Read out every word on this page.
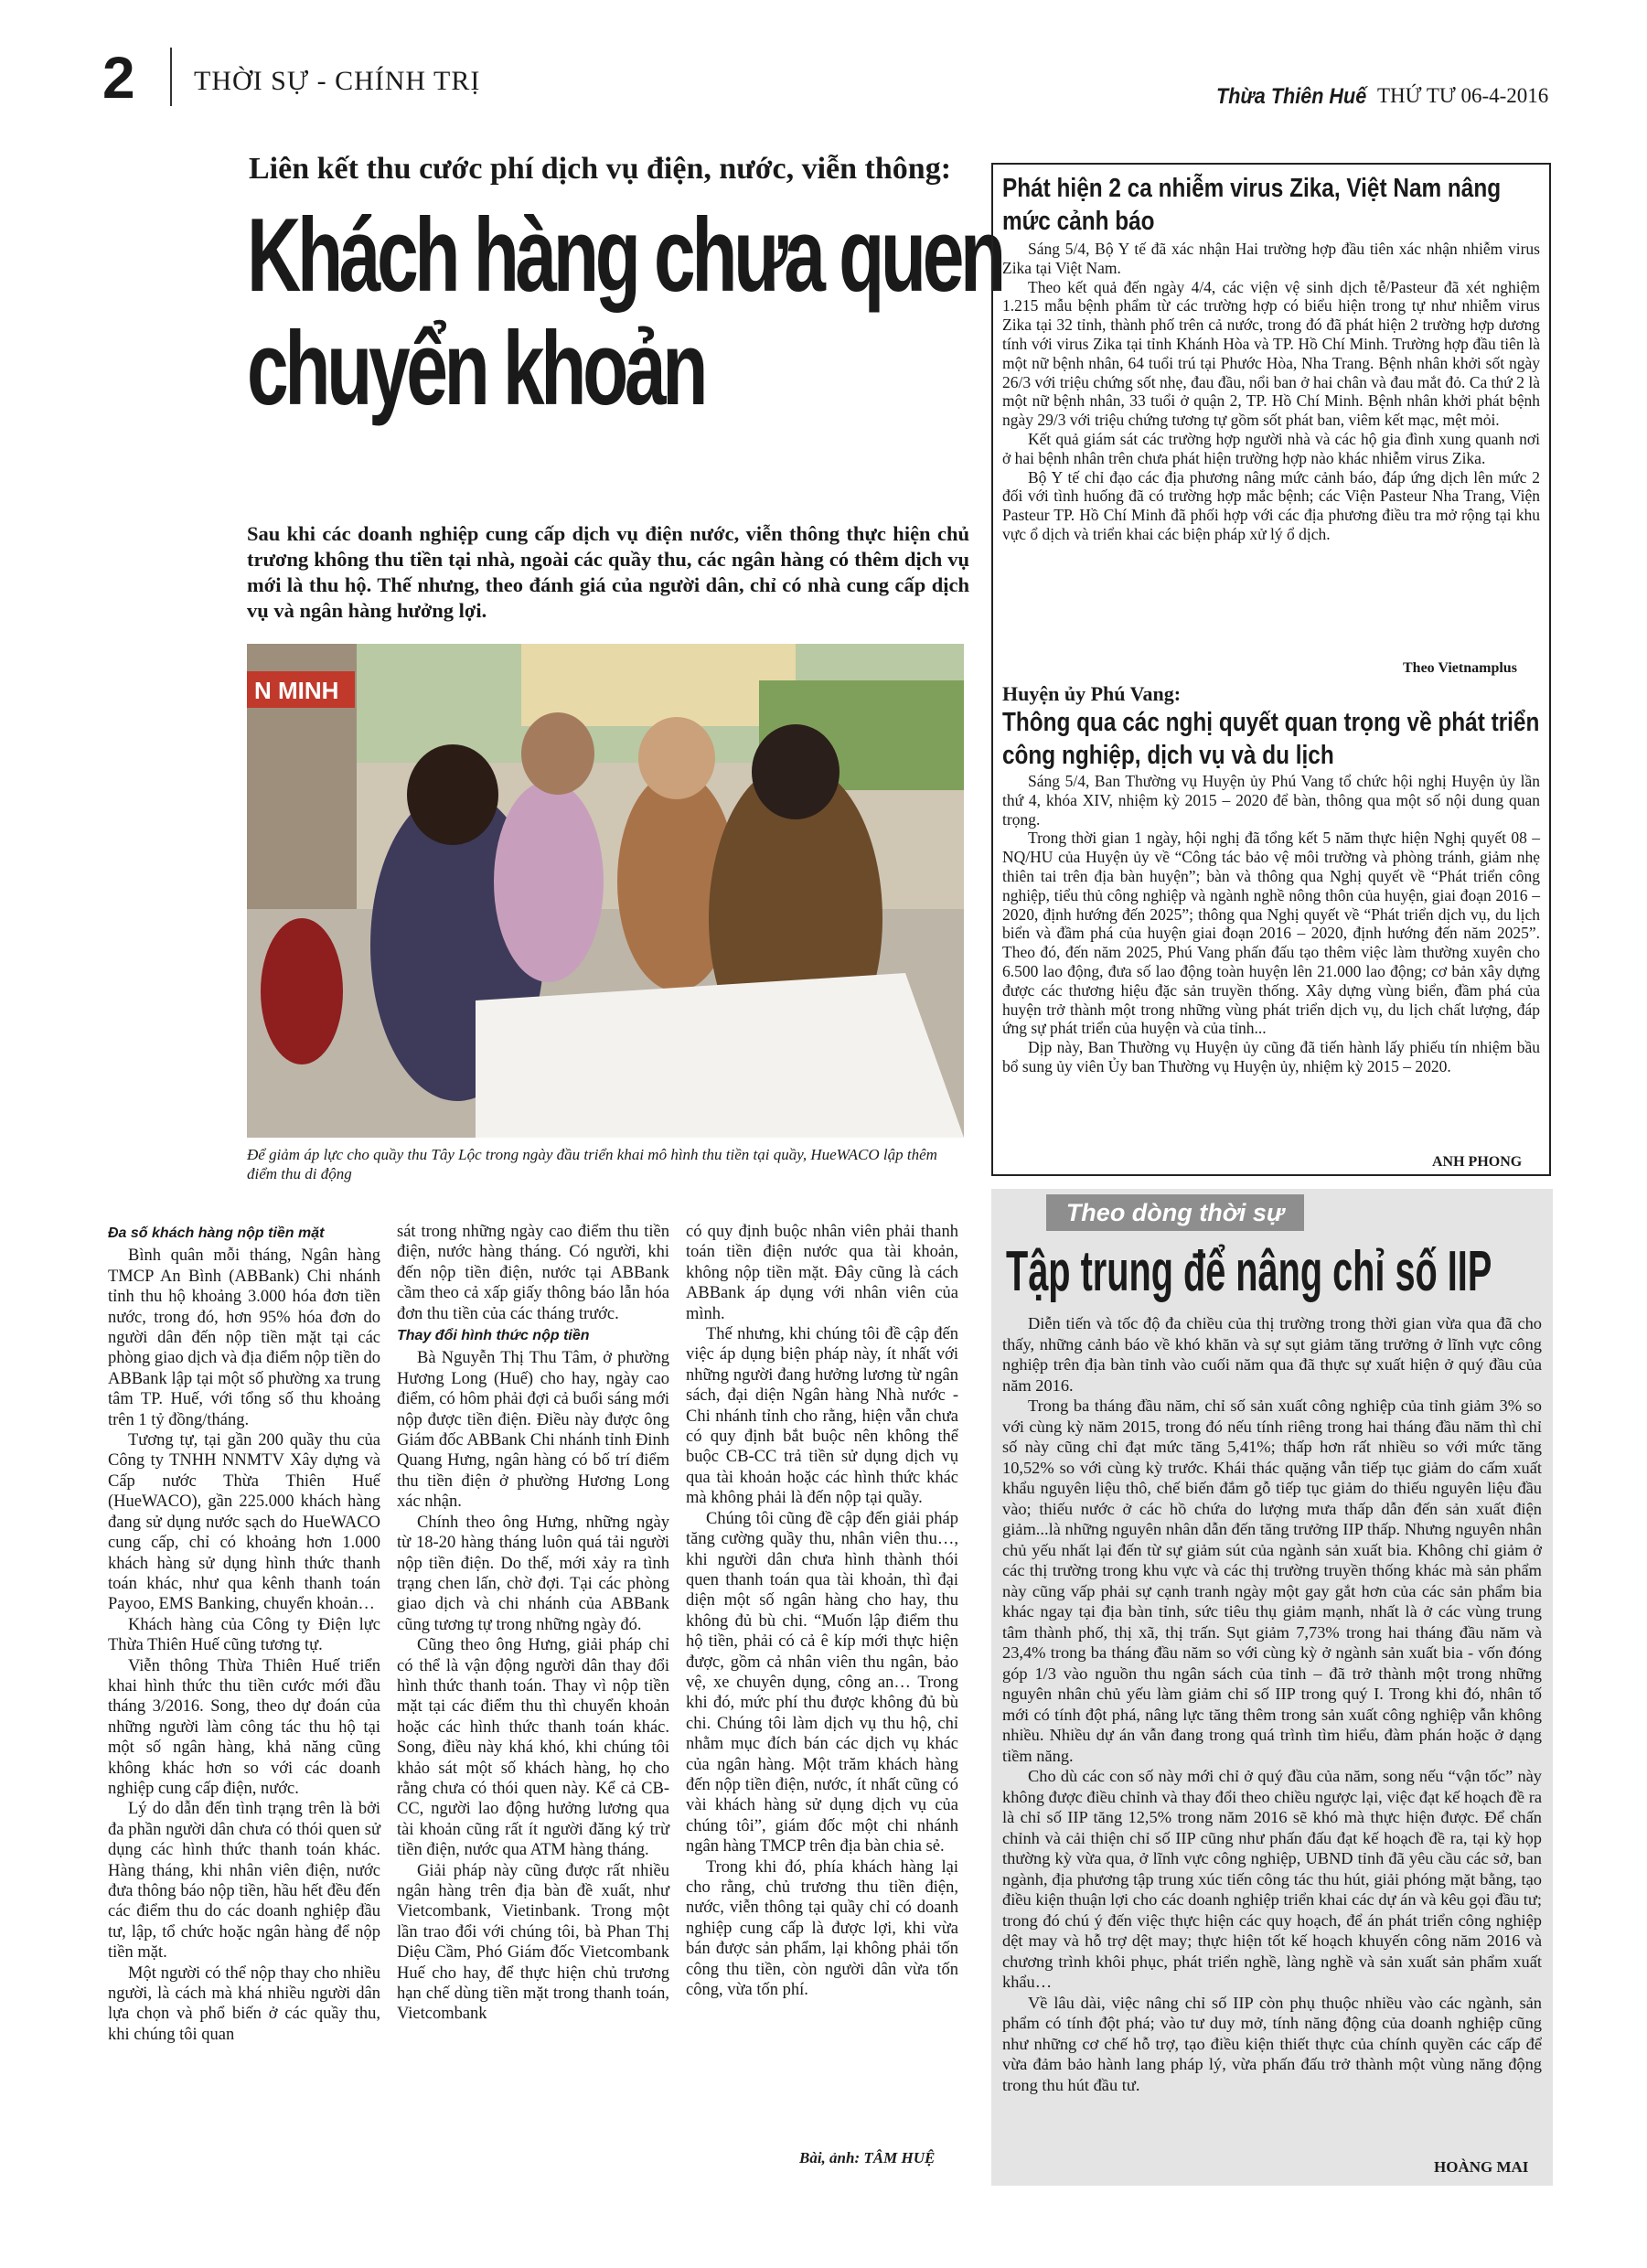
2 THỜI SỰ - CHÍNH TRỊ
Thừa Thiên Huế THỨ TƯ 06-4-2016
Liên kết thu cước phí dịch vụ điện, nước, viễn thông:
Khách hàng chưa quen
chuyển khoản
Sau khi các doanh nghiệp cung cấp dịch vụ điện nước, viễn thông thực hiện chủ trương không thu tiền tại nhà, ngoài các quầy thu, các ngân hàng có thêm dịch vụ mới là thu hộ. Thế nhưng, theo đánh giá của người dân, chỉ có nhà cung cấp dịch vụ và ngân hàng hưởng lợi.
N MINH
Để giảm áp lực cho quầy thu Tây Lộc trong ngày đầu triển khai mô hình thu tiền tại quầy, HueWACO lập thêm điểm thu di động
Đa số khách hàng nộp tiền mặt

Bình quân mỗi tháng, Ngân hàng TMCP An Bình (ABBank) Chi nhánh tỉnh thu hộ khoảng 3.000 hóa đơn tiền nước, trong đó, hơn 95% hóa đơn do người dân đến nộp tiền mặt tại các phòng giao dịch và địa điểm nộp tiền do ABBank lập tại một số phường xa trung tâm TP. Huế, với tổng số thu khoảng trên 1 tỷ đồng/tháng.

Tương tự, tại gần 200 quầy thu của Công ty TNHH NNMTV Xây dựng và Cấp nước Thừa Thiên Huế (HueWACO), gần 225.000 khách hàng đang sử dụng nước sạch do HueWACO cung cấp, chỉ có khoảng hơn 1.000 khách hàng sử dụng hình thức thanh toán khác, như qua kênh thanh toán Payoo, EMS Banking, chuyển khoản…

Khách hàng của Công ty Điện lực Thừa Thiên Huế cũng tương tự.

Viễn thông Thừa Thiên Huế triển khai hình thức thu tiền cước mới đầu tháng 3/2016. Song, theo dự đoán của những người làm công tác thu hộ tại một số ngân hàng, khả năng cũng không khác hơn so với các doanh nghiệp cung cấp điện, nước.

Lý do dẫn đến tình trạng trên là bởi đa phần người dân chưa có thói quen sử dụng các hình thức thanh toán khác. Hàng tháng, khi nhân viên điện, nước đưa thông báo nộp tiền, hầu hết đều đến các điểm thu do các doanh nghiệp đầu tư, lập, tổ chức hoặc ngân hàng để nộp tiền mặt.

Một người có thể nộp thay cho nhiều người, là cách mà khá nhiều người dân lựa chọn và phổ biến ở các quầy thu, khi chúng tôi quan

sát trong những ngày cao điểm thu tiền điện, nước hàng tháng. Có người, khi đến nộp tiền điện, nước tại ABBank cầm theo cả xấp giấy thông báo lẫn hóa đơn thu tiền của các tháng trước.

Thay đổi hình thức nộp tiền

Bà Nguyễn Thị Thu Tâm, ở phường Hương Long (Huế) cho hay, ngày cao điểm, có hôm phải đợi cả buổi sáng mới nộp được tiền điện. Điều này được ông Giám đốc ABBank Chi nhánh tỉnh Đinh Quang Hưng, ngân hàng có bố trí điểm thu tiền điện ở phường Hương Long xác nhận.

Chính theo ông Hưng, những ngày từ 18-20 hàng tháng luôn quá tải người nộp tiền điện. Do thế, mới xảy ra tình trạng chen lấn, chờ đợi. Tại các phòng giao dịch và chi nhánh của ABBank cũng tương tự trong những ngày đó.

Cũng theo ông Hưng, giải pháp chỉ có thể là vận động người dân thay đổi hình thức thanh toán. Thay vì nộp tiền mặt tại các điểm thu thì chuyển khoản hoặc các hình thức thanh toán khác. Song, điều này khá khó, khi chúng tôi khảo sát một số khách hàng, họ cho rằng chưa có thói quen này. Kể cả CB-CC, người lao động hưởng lương qua tài khoản cũng rất ít người đăng ký trừ tiền điện, nước qua ATM hàng tháng.

Giải pháp này cũng được rất nhiều ngân hàng trên địa bàn đề xuất, như Vietcombank, Vietinbank. Trong một lần trao đổi với chúng tôi, bà Phan Thị Diệu Cầm, Phó Giám đốc Vietcombank Huế cho hay, để thực hiện chủ trương hạn chế dùng tiền mặt trong thanh toán, Vietcombank

có quy định buộc nhân viên phải thanh toán tiền điện nước qua tài khoản, không nộp tiền mặt. Đây cũng là cách ABBank áp dụng với nhân viên của mình.

Thế nhưng, khi chúng tôi đề cập đến việc áp dụng biện pháp này, ít nhất với những người đang hưởng lương từ ngân sách, đại diện Ngân hàng Nhà nước - Chi nhánh tỉnh cho rằng, hiện vẫn chưa có quy định bắt buộc nên không thể buộc CB-CC trả tiền sử dụng dịch vụ qua tài khoản hoặc các hình thức khác mà không phải là đến nộp tại quầy.

Chúng tôi cũng đề cập đến giải pháp tăng cường quầy thu, nhân viên thu…, khi người dân chưa hình thành thói quen thanh toán qua tài khoản, thì đại diện một số ngân hàng cho hay, thu không đủ bù chi. “Muốn lập điểm thu hộ tiền, phải có cả ê kíp mới thực hiện được, gồm cả nhân viên thu ngân, bảo vệ, xe chuyên dụng, công an… Trong khi đó, mức phí thu được không đủ bù chi. Chúng tôi làm dịch vụ thu hộ, chỉ nhằm mục đích bán các dịch vụ khác của ngân hàng. Một trăm khách hàng đến nộp tiền điện, nước, ít nhất cũng có vài khách hàng sử dụng dịch vụ của chúng tôi”, giám đốc một chi nhánh ngân hàng TMCP trên địa bàn chia sẻ.

Trong khi đó, phía khách hàng lại cho rằng, chủ trương thu tiền điện, nước, viễn thông tại quầy chỉ có doanh nghiệp cung cấp là được lợi, khi vừa bán được sản phẩm, lại không phải tốn công thu tiền, còn người dân vừa tốn công, vừa tốn phí.

Bài, ảnh: TÂM HUỆ
Phát hiện 2 ca nhiễm virus Zika, Việt Nam nâng mức cảnh báo

Sáng 5/4, Bộ Y tế đã xác nhận Hai trường hợp đầu tiên xác nhận nhiễm virus Zika tại Việt Nam.

Theo kết quả đến ngày 4/4, các viện vệ sinh dịch tễ/Pasteur đã xét nghiệm 1.215 mẫu bệnh phẩm từ các trường hợp có biểu hiện trong tự như nhiễm virus Zika tại 32 tỉnh, thành phố trên cả nước, trong đó đã phát hiện 2 trường hợp dương tính với virus Zika tại tỉnh Khánh Hòa và TP. Hồ Chí Minh. Trường hợp đầu tiên là một nữ bệnh nhân, 64 tuổi trú tại Phước Hòa, Nha Trang. Bệnh nhân khởi sốt ngày 26/3 với triệu chứng sốt nhẹ, đau đầu, nổi ban ở hai chân và đau mắt đỏ. Ca thứ 2 là một nữ bệnh nhân, 33 tuổi ở quận 2, TP. Hồ Chí Minh. Bệnh nhân khởi phát bệnh ngày 29/3 với triệu chứng tương tự gồm sốt phát ban, viêm kết mạc, mệt mỏi.

Kết quả giám sát các trường hợp người nhà và các hộ gia đình xung quanh nơi ở hai bệnh nhân trên chưa phát hiện trường hợp nào khác nhiễm virus Zika.

Bộ Y tế chỉ đạo các địa phương nâng mức cảnh báo, đáp ứng dịch lên mức 2 đối với tình huống đã có trường hợp mắc bệnh; các Viện Pasteur Nha Trang, Viện Pasteur TP. Hồ Chí Minh đã phối hợp với các địa phương điều tra mở rộng tại khu vực ổ dịch và triển khai các biện pháp xử lý ổ dịch.

Theo Vietnamplus
Huyện ủy Phú Vang:
Thông qua các nghị quyết quan trọng về phát triển công nghiệp, dịch vụ và du lịch

Sáng 5/4, Ban Thường vụ Huyện ủy Phú Vang tổ chức hội nghị Huyện ủy lần thứ 4, khóa XIV, nhiệm kỳ 2015 – 2020 để bàn, thông qua một số nội dung quan trọng.

Trong thời gian 1 ngày, hội nghị đã tổng kết 5 năm thực hiện Nghị quyết 08 – NQ/HU của Huyện ủy về “Công tác bảo vệ môi trường và phòng tránh, giảm nhẹ thiên tai trên địa bàn huyện”; bàn và thông qua Nghị quyết về “Phát triển công nghiệp, tiểu thủ công nghiệp và ngành nghề nông thôn của huyện, giai đoạn 2016 – 2020, định hướng đến 2025”; thông qua Nghị quyết về “Phát triển dịch vụ, du lịch biển và đầm phá của huyện giai đoạn 2016 – 2020, định hướng đến năm 2025”. Theo đó, đến năm 2025, Phú Vang phấn đấu tạo thêm việc làm thường xuyên cho 6.500 lao động, đưa số lao động toàn huyện lên 21.000 lao động; cơ bản xây dựng được các thương hiệu đặc sản truyền thống. Xây dựng vùng biển, đầm phá của huyện trở thành một trong những vùng phát triển dịch vụ, du lịch chất lượng, đáp ứng sự phát triển của huyện và của tỉnh...

Dịp này, Ban Thường vụ Huyện ủy cũng đã tiến hành lấy phiếu tín nhiệm bầu bổ sung ủy viên Ủy ban Thường vụ Huyện ủy, nhiệm kỳ 2015 – 2020.

ANH PHONG
Theo dòng thời sự
Tập trung để nâng chỉ số IIP

Diễn tiến và tốc độ đa chiều của thị trường trong thời gian vừa qua đã cho thấy, những cảnh báo về khó khăn và sự sụt giảm tăng trưởng ở lĩnh vực công nghiệp trên địa bàn tỉnh vào cuối năm qua đã thực sự xuất hiện ở quý đầu của năm 2016.

Trong ba tháng đầu năm, chỉ số sản xuất công nghiệp của tỉnh giảm 3% so với cùng kỳ năm 2015, trong đó nếu tính riêng trong hai tháng đầu năm thì chỉ số này cũng chỉ đạt mức tăng 5,41%; thấp hơn rất nhiều so với mức tăng 10,52% so với cùng kỳ trước. Khái thác quặng vẫn tiếp tục giảm do cấm xuất khẩu nguyên liệu thô, chế biến đắm gỗ tiếp tục giảm do thiếu nguyên liệu đầu vào; thiếu nước ở các hồ chứa do lượng mưa thấp dẫn đến sản xuất điện giảm...là những nguyên nhân dẫn đến tăng trưởng IIP thấp. Nhưng nguyên nhân chủ yếu nhất lại đến từ sự giảm sút của ngành sản xuất bia. Không chỉ giảm ở các thị trường trong khu vực và các thị trường truyền thống khác mà sản phẩm này cũng vấp phải sự cạnh tranh ngày một gay gắt hơn của các sản phẩm bia khác ngay tại địa bàn tỉnh, sức tiêu thụ giảm mạnh, nhất là ở các vùng trung tâm thành phố, thị xã, thị trấn. Sụt giảm 7,73% trong hai tháng đầu năm và 23,4% trong ba tháng đầu năm so với cùng kỳ ở ngành sản xuất bia - vốn đóng góp 1/3 vào nguồn thu ngân sách của tỉnh – đã trở thành một trong những nguyên nhân chủ yếu làm giảm chỉ số IIP trong quý I. Trong khi đó, nhân tố mới có tính đột phá, nâng lực tăng thêm trong sản xuất công nghiệp vẫn không nhiều. Nhiều dự án vẫn đang trong quá trình tìm hiểu, đàm phán hoặc ở dạng tiềm năng.

Cho dù các con số này mới chỉ ở quý đầu của năm, song nếu “vận tốc” này không được điều chỉnh và thay đổi theo chiều ngược lại, việc đạt kế hoạch đề ra là chỉ số IIP tăng 12,5% trong năm 2016 sẽ khó mà thực hiện được. Để chấn chỉnh và cải thiện chỉ số IIP cũng như phấn đấu đạt kế hoạch đề ra, tại kỳ họp thường kỳ vừa qua, ở lĩnh vực công nghiệp, UBND tỉnh đã yêu cầu các sở, ban ngành, địa phương tập trung xúc tiến công tác thu hút, giải phóng mặt bằng, tạo điều kiện thuận lợi cho các doanh nghiệp triển khai các dự án và kêu gọi đầu tư; trong đó chú ý đến việc thực hiện các quy hoạch, để án phát triển công nghiệp dệt may và hỗ trợ dệt may; thực hiện tốt kế hoạch khuyến công năm 2016 và chương trình khôi phục, phát triển nghề, làng nghề và sản xuất sản phẩm xuất khẩu…

Về lâu dài, việc nâng chỉ số IIP còn phụ thuộc nhiều vào các ngành, sản phẩm có tính đột phá; vào tư duy mở, tính năng động của doanh nghiệp cũng như những cơ chế hỗ trợ, tạo điều kiện thiết thực của chính quyền các cấp để vừa đảm bảo hành lang pháp lý, vừa phấn đấu trở thành một vùng năng động trong thu hút đầu tư.

HOÀNG MAI
